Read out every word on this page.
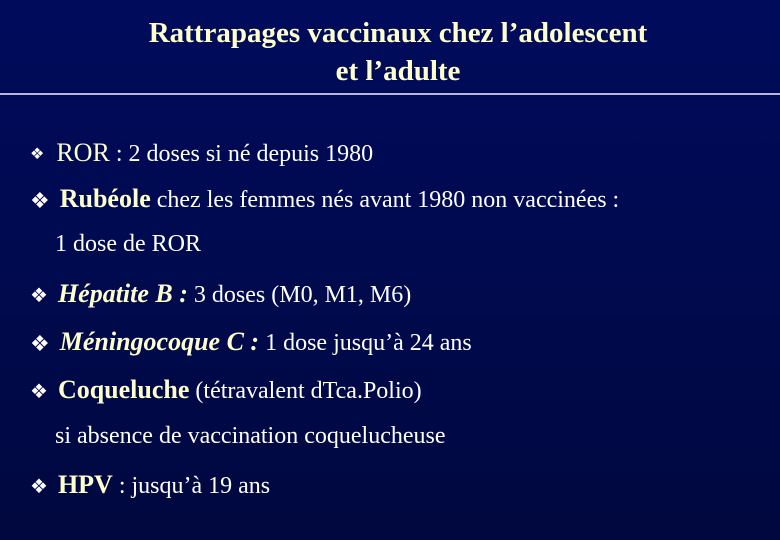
Rattrapages vaccinaux chez l’adolescent
et l’adulte
❖ ROR : 2 doses si né depuis 1980
❖ Rubéole chez les femmes nés avant 1980 non vaccinées :
1 dose de ROR
❖ Hépatite B : 3 doses (M0, M1, M6)
❖ Méningocoque C : 1 dose jusqu’à 24 ans
❖ Coqueluche (tétravalent dTca.Polio)
si absence de vaccination coquelucheuse
❖ HPV : jusqu’à 19 ans
